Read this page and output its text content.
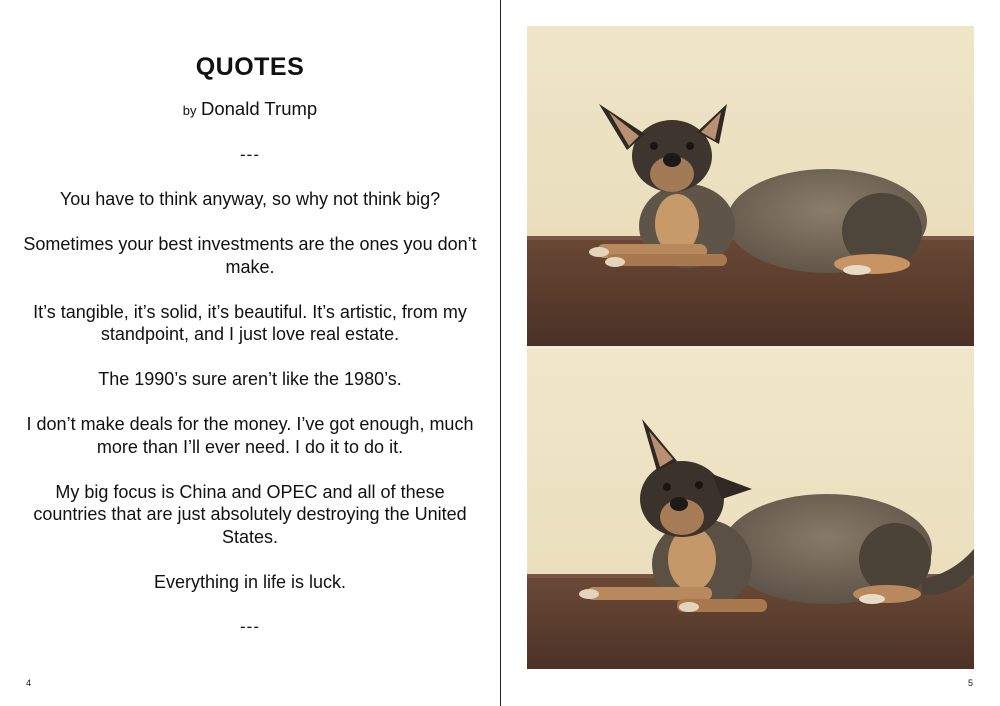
QUOTES
by Donald Trump
---
You have to think anyway, so why not think big?
Sometimes your best investments are the ones you don’t make.
It’s tangible, it’s solid, it’s beautiful. It’s artistic, from my standpoint, and I just love real estate.
The 1990’s sure aren’t like the 1980’s.
I don’t make deals for the money. I’ve got enough, much more than I’ll ever need. I do it to do it.
My big focus is China and OPEC and all of these countries that are just absolutely destroying the United States.
Everything in life is luck.
---
4	5
